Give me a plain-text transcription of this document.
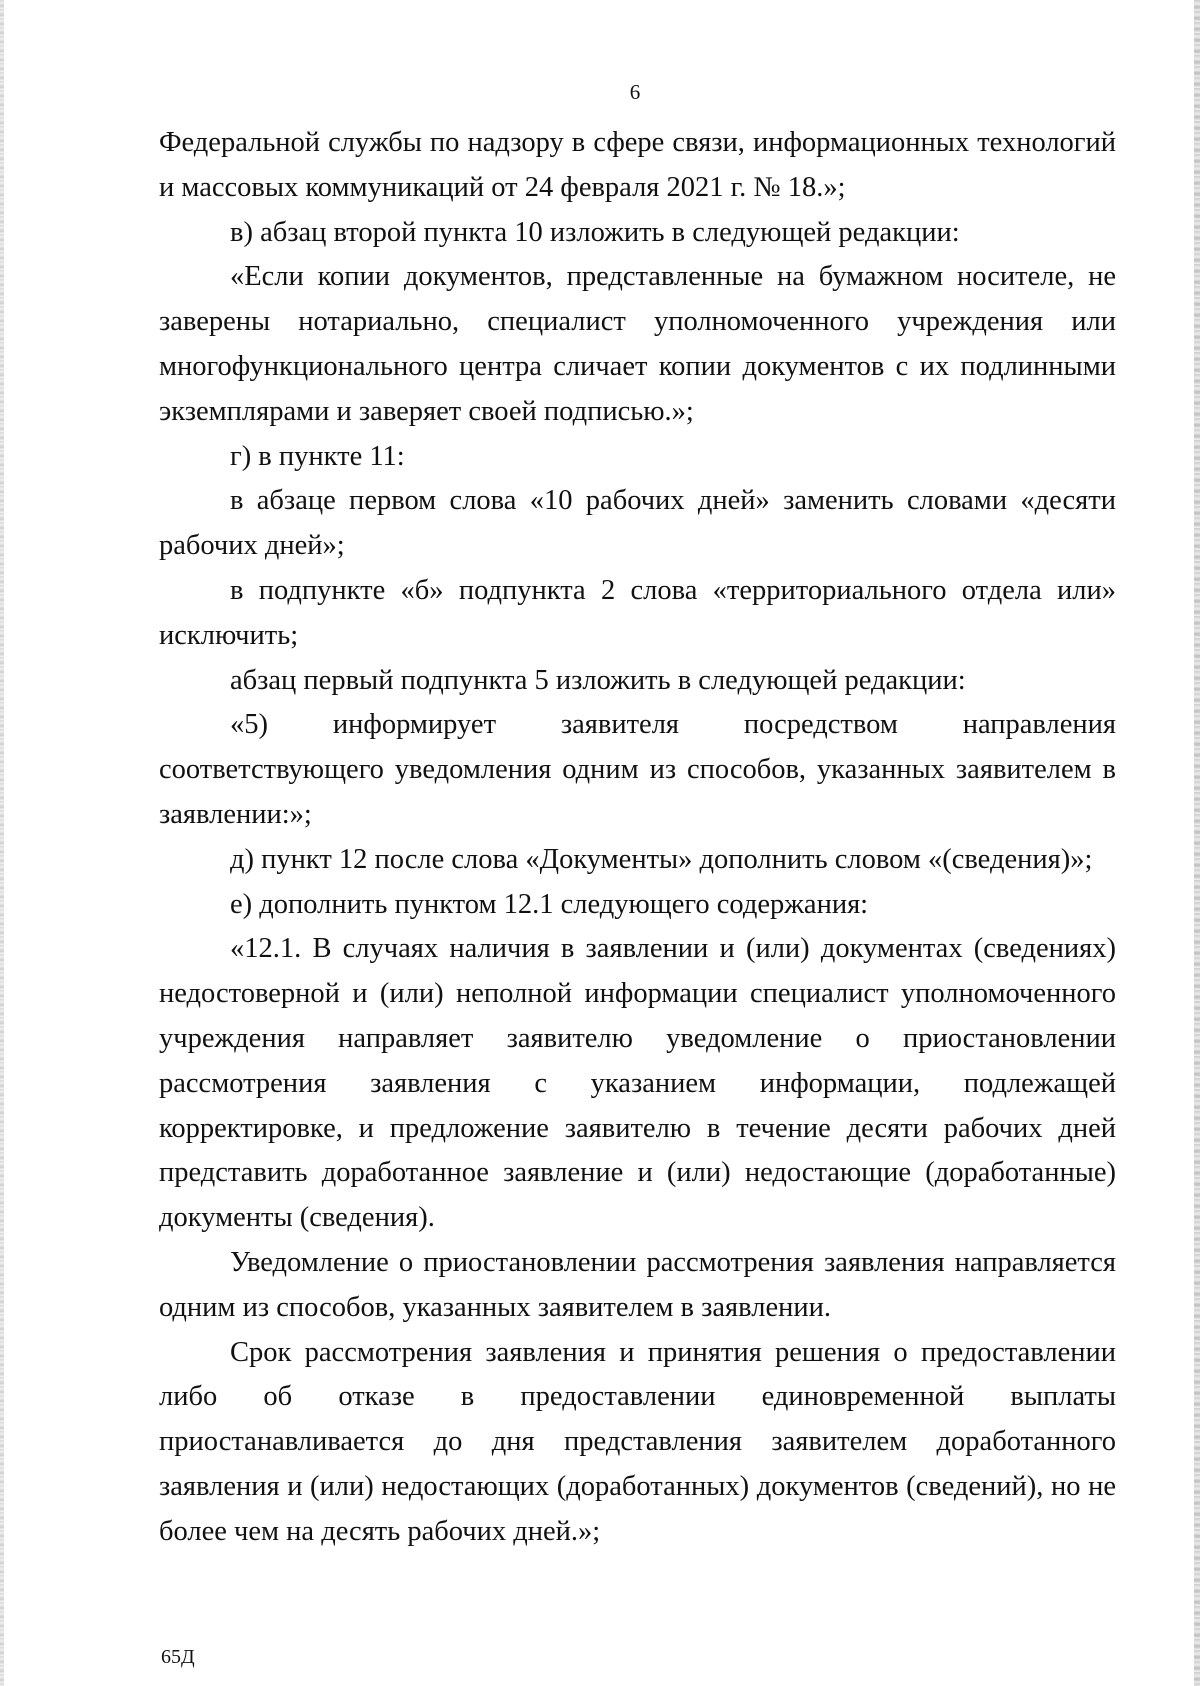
6

Федеральной службы по надзору в сфере связи, информационных технологий и массовых коммуникаций от 24 февраля 2021 г. № 18.»;

в) абзац второй пункта 10 изложить в следующей редакции:

«Если копии документов, представленные на бумажном носителе, не заверены нотариально, специалист уполномоченного учреждения или многофункционального центра сличает копии документов с их подлинными экземплярами и заверяет своей подписью.»;

г) в пункте 11:

в абзаце первом слова «10 рабочих дней» заменить словами «десяти рабочих дней»;

в подпункте «б» подпункта 2 слова «территориального отдела или» исключить;

абзац первый подпункта 5 изложить в следующей редакции:

«5) информирует заявителя посредством направления соответствующего уведомления одним из способов, указанных заявителем в заявлении:»;

д) пункт 12 после слова «Документы» дополнить словом «(сведения)»;

е) дополнить пунктом 12.1 следующего содержания:

«12.1. В случаях наличия в заявлении и (или) документах (сведениях) недостоверной и (или) неполной информации специалист уполномоченного учреждения направляет заявителю уведомление о приостановлении рассмотрения заявления с указанием информации, подлежащей корректировке, и предложение заявителю в течение десяти рабочих дней представить доработанное заявление и (или) недостающие (доработанные) документы (сведения).

Уведомление о приостановлении рассмотрения заявления направляется одним из способов, указанных заявителем в заявлении.

Срок рассмотрения заявления и принятия решения о предоставлении либо об отказе в предоставлении единовременной выплаты приостанавливается до дня представления заявителем доработанного заявления и (или) недостающих (доработанных) документов (сведений), но не более чем на десять рабочих дней.»;

65Д
